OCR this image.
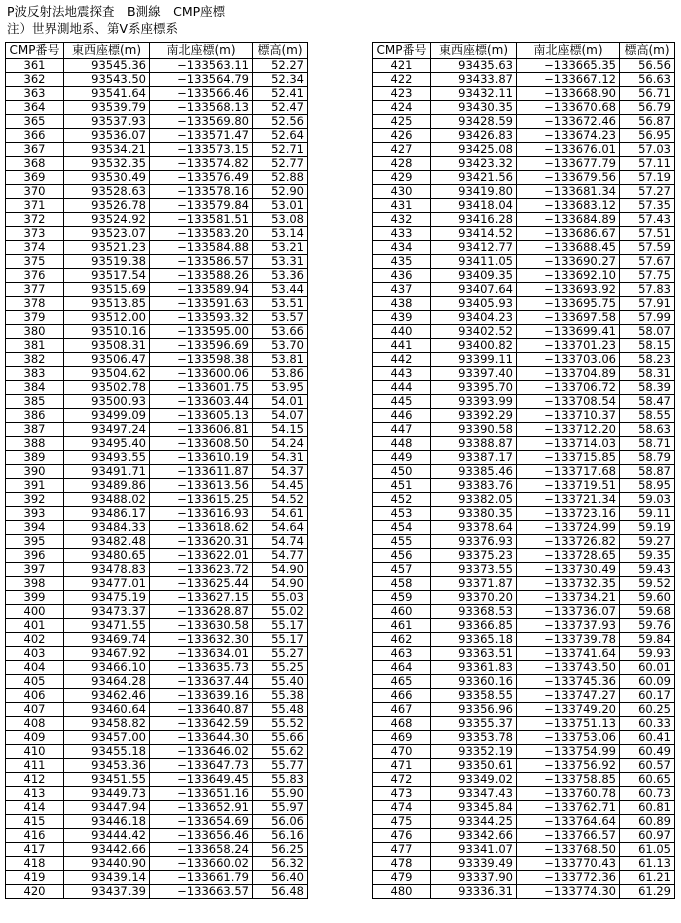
P波反射法地震探査　B測線　CMP座標
注）世界測地系、第Ⅴ系座標系
CMP番号	東西座標(m)	南北座標(m)	標高(m)
361	93545.36	−133563.11	52.27
362	93543.50	−133564.79	52.34
363	93541.64	−133566.46	52.41
364	93539.79	−133568.13	52.47
365	93537.93	−133569.80	52.56
366	93536.07	−133571.47	52.64
367	93534.21	−133573.15	52.71
368	93532.35	−133574.82	52.77
369	93530.49	−133576.49	52.88
370	93528.63	−133578.16	52.90
371	93526.78	−133579.84	53.01
372	93524.92	−133581.51	53.08
373	93523.07	−133583.20	53.14
374	93521.23	−133584.88	53.21
375	93519.38	−133586.57	53.31
376	93517.54	−133588.26	53.36
377	93515.69	−133589.94	53.44
378	93513.85	−133591.63	53.51
379	93512.00	−133593.32	53.57
380	93510.16	−133595.00	53.66
381	93508.31	−133596.69	53.70
382	93506.47	−133598.38	53.81
383	93504.62	−133600.06	53.86
384	93502.78	−133601.75	53.95
385	93500.93	−133603.44	54.01
386	93499.09	−133605.13	54.07
387	93497.24	−133606.81	54.15
388	93495.40	−133608.50	54.24
389	93493.55	−133610.19	54.31
390	93491.71	−133611.87	54.37
391	93489.86	−133613.56	54.45
392	93488.02	−133615.25	54.52
393	93486.17	−133616.93	54.61
394	93484.33	−133618.62	54.64
395	93482.48	−133620.31	54.74
396	93480.65	−133622.01	54.77
397	93478.83	−133623.72	54.90
398	93477.01	−133625.44	54.90
399	93475.19	−133627.15	55.03
400	93473.37	−133628.87	55.02
401	93471.55	−133630.58	55.17
402	93469.74	−133632.30	55.17
403	93467.92	−133634.01	55.27
404	93466.10	−133635.73	55.25
405	93464.28	−133637.44	55.40
406	93462.46	−133639.16	55.38
407	93460.64	−133640.87	55.48
408	93458.82	−133642.59	55.52
409	93457.00	−133644.30	55.66
410	93455.18	−133646.02	55.62
411	93453.36	−133647.73	55.77
412	93451.55	−133649.45	55.83
413	93449.73	−133651.16	55.90
414	93447.94	−133652.91	55.97
415	93446.18	−133654.69	56.06
416	93444.42	−133656.46	56.16
417	93442.66	−133658.24	56.25
418	93440.90	−133660.02	56.32
419	93439.14	−133661.79	56.40
420	93437.39	−133663.57	56.48
CMP番号	東西座標(m)	南北座標(m)	標高(m)
421	93435.63	−133665.35	56.56
422	93433.87	−133667.12	56.63
423	93432.11	−133668.90	56.71
424	93430.35	−133670.68	56.79
425	93428.59	−133672.46	56.87
426	93426.83	−133674.23	56.95
427	93425.08	−133676.01	57.03
428	93423.32	−133677.79	57.11
429	93421.56	−133679.56	57.19
430	93419.80	−133681.34	57.27
431	93418.04	−133683.12	57.35
432	93416.28	−133684.89	57.43
433	93414.52	−133686.67	57.51
434	93412.77	−133688.45	57.59
435	93411.05	−133690.27	57.67
436	93409.35	−133692.10	57.75
437	93407.64	−133693.92	57.83
438	93405.93	−133695.75	57.91
439	93404.23	−133697.58	57.99
440	93402.52	−133699.41	58.07
441	93400.82	−133701.23	58.15
442	93399.11	−133703.06	58.23
443	93397.40	−133704.89	58.31
444	93395.70	−133706.72	58.39
445	93393.99	−133708.54	58.47
446	93392.29	−133710.37	58.55
447	93390.58	−133712.20	58.63
448	93388.87	−133714.03	58.71
449	93387.17	−133715.85	58.79
450	93385.46	−133717.68	58.87
451	93383.76	−133719.51	58.95
452	93382.05	−133721.34	59.03
453	93380.35	−133723.16	59.11
454	93378.64	−133724.99	59.19
455	93376.93	−133726.82	59.27
456	93375.23	−133728.65	59.35
457	93373.55	−133730.49	59.43
458	93371.87	−133732.35	59.52
459	93370.20	−133734.21	59.60
460	93368.53	−133736.07	59.68
461	93366.85	−133737.93	59.76
462	93365.18	−133739.78	59.84
463	93363.51	−133741.64	59.93
464	93361.83	−133743.50	60.01
465	93360.16	−133745.36	60.09
466	93358.55	−133747.27	60.17
467	93356.96	−133749.20	60.25
468	93355.37	−133751.13	60.33
469	93353.78	−133753.06	60.41
470	93352.19	−133754.99	60.49
471	93350.61	−133756.92	60.57
472	93349.02	−133758.85	60.65
473	93347.43	−133760.78	60.73
474	93345.84	−133762.71	60.81
475	93344.25	−133764.64	60.89
476	93342.66	−133766.57	60.97
477	93341.07	−133768.50	61.05
478	93339.49	−133770.43	61.13
479	93337.90	−133772.36	61.21
480	93336.31	−133774.30	61.29
